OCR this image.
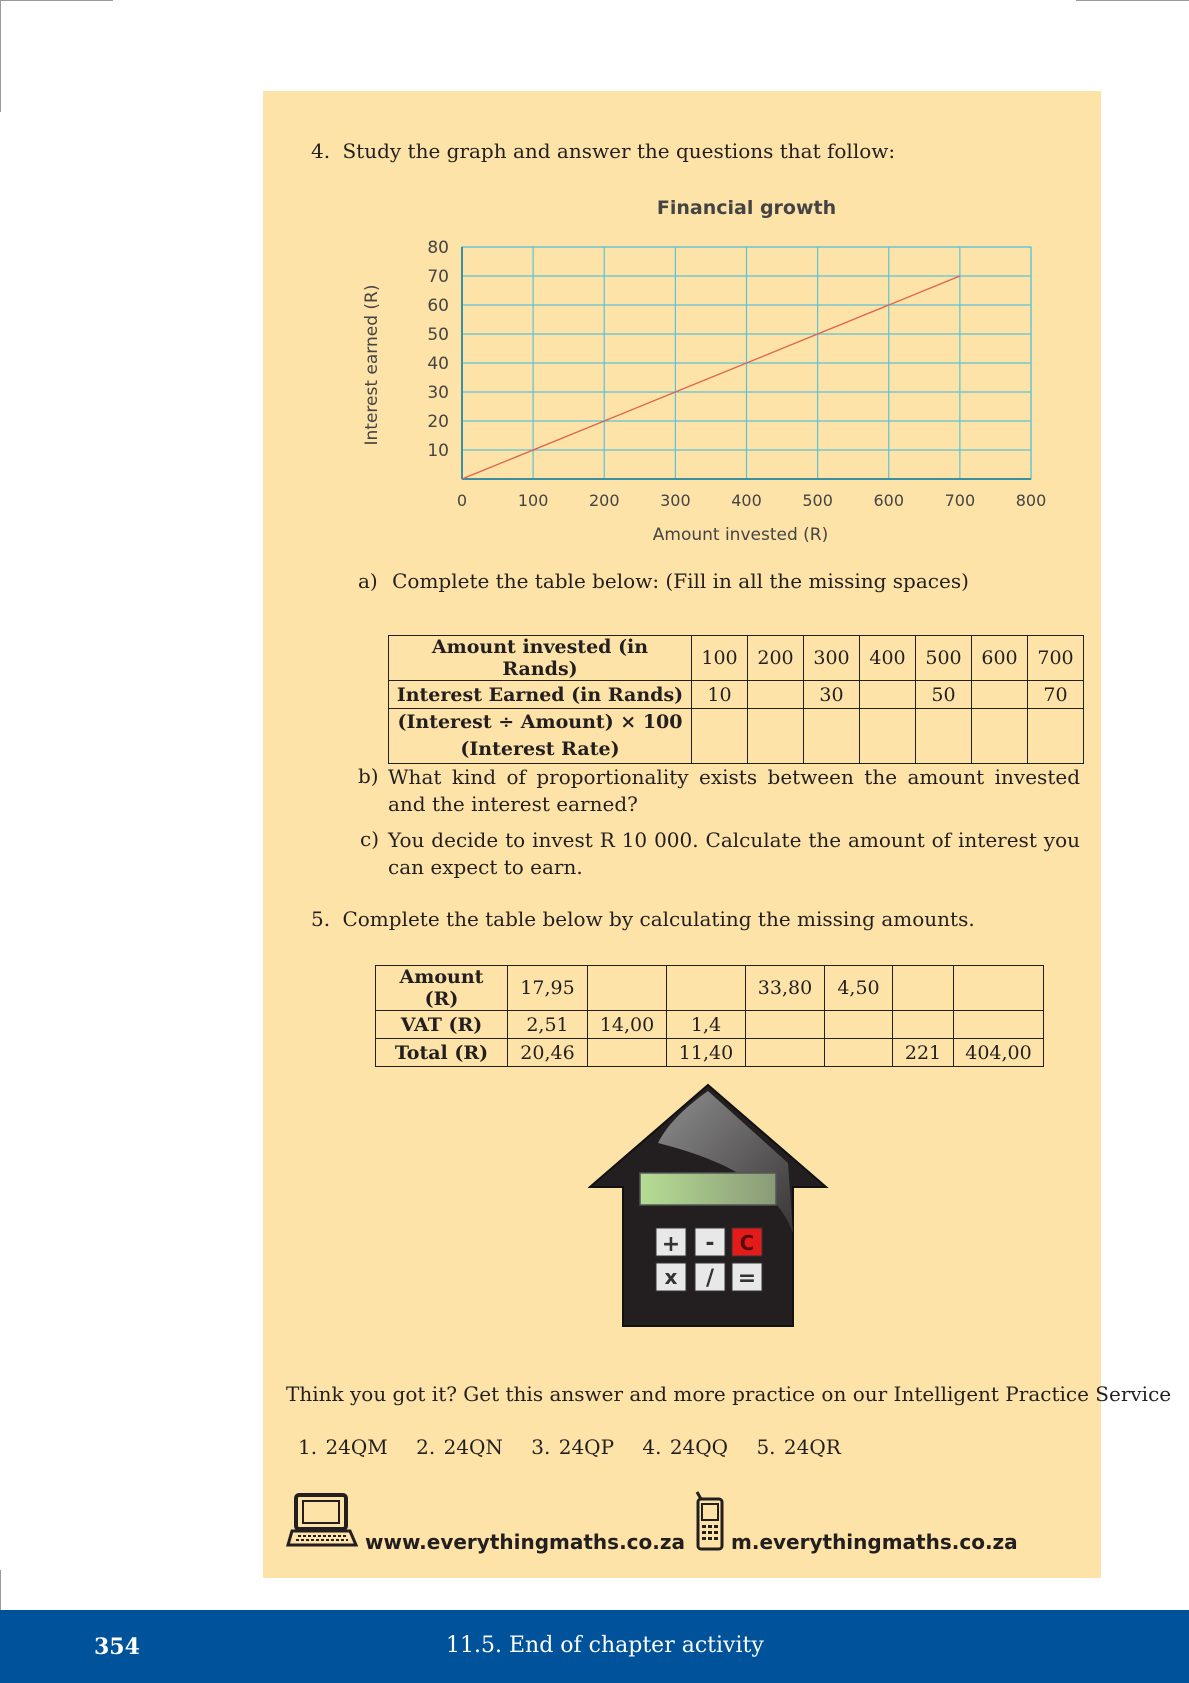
4. Study the graph and answer the questions that follow:
Financial growth
0	100	200	300	400	500	600	700	800
10
20
30
40
50
60
70
80
Amount invested (R)
Interest earned (R)
a) Complete the table below: (Fill in all the missing spaces)
Amount invested (in Rands)	100	200	300	400	500	600	700
Interest Earned (in Rands)	10		30		50		70

(Interest ÷ Amount) × 100
(Interest Rate)							

b) What kind of proportionality exists between the amount invested and the interest earned?
c) You decide to invest R 10 000. Calculate the amount of interest you can expect to earn.
5. Complete the table below by calculating the missing amounts.
Amount (R)	17,95			33,80	4,50		
VAT (R)	2,51	14,00	1,4				
Total (R)	20,46		11,40			221	404,00
+ - C
x / =
Think you got it? Get this answer and more practice on our Intelligent Practice Service
1. 24QM 2. 24QN 3. 24QP 4. 24QQ 5. 24QR
www.everythingmaths.co.za m.everythingmaths.co.za
354	11.5. End of chapter activity
